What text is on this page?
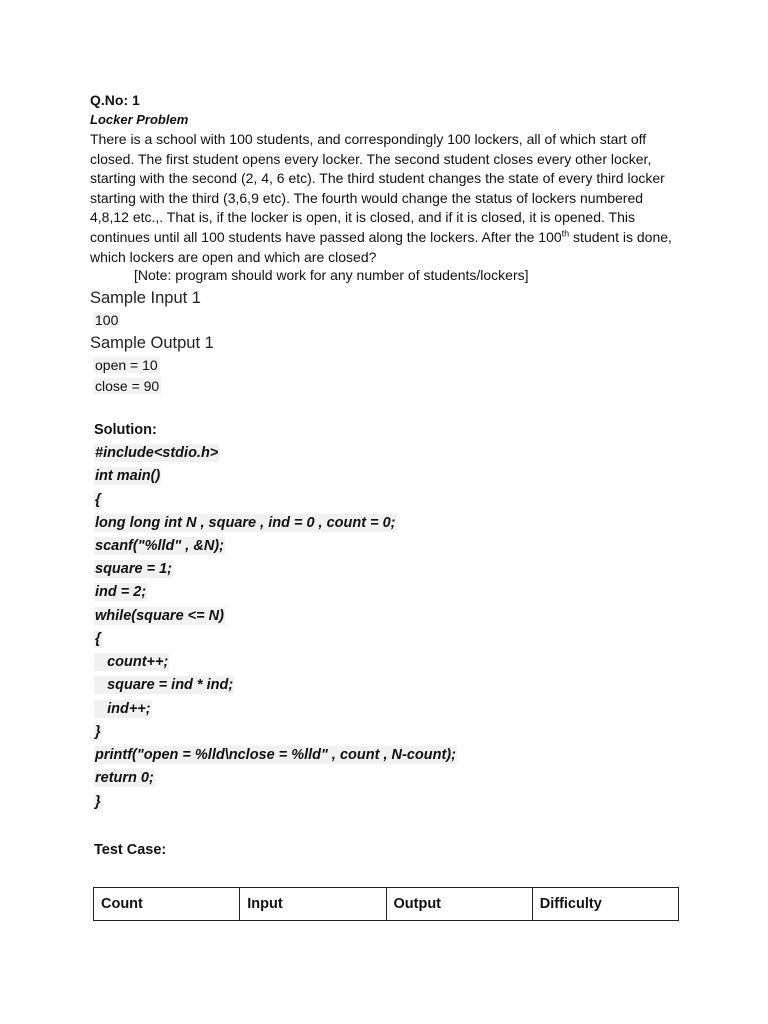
Q.No: 1
Locker Problem

There is a school with 100 students, and correspondingly 100 lockers, all of which start off

closed. The first student opens every locker. The second student closes every other locker,

starting with the second (2, 4, 6 etc). The third student changes the state of every third locker

starting with the third (3,6,9 etc). The fourth would change the status of lockers numbered

4,8,12 etc.,. That is, if the locker is open, it is closed, and if it is closed, it is opened. This

continues until all 100 students have passed along the lockers. After the 100th student is done,

which lockers are open and which are closed?

[Note: program should work for any number of students/lockers]
Sample Input 1
100
Sample Output 1
open = 10
close = 90
Solution:
#include<stdio.h>
int main()
{
long long int N , square , ind = 0 , count = 0;
scanf("%lld" , &N);
square = 1;
ind = 2;
while(square <= N)
{
count++;
square = ind * ind;
ind++;
}
printf("open = %lld\nclose = %lld" , count , N-count);
return 0;
}
Test Case:
Count	Input	Output	Difficulty
